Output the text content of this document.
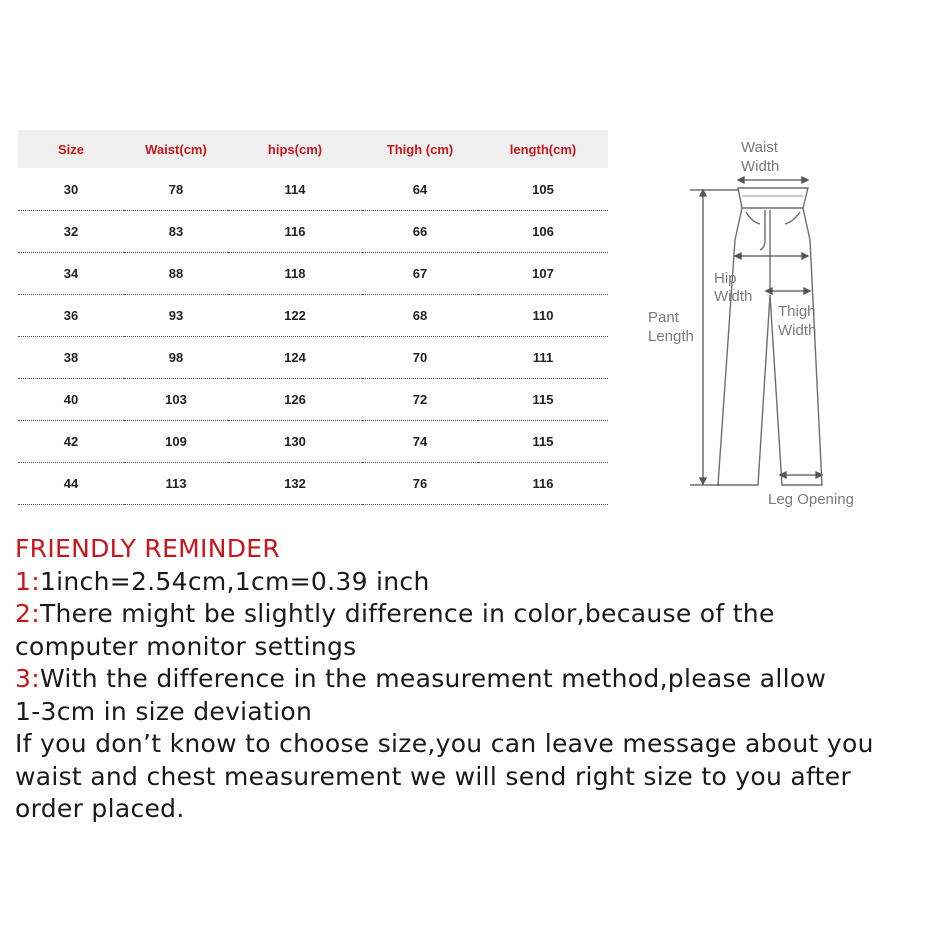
Size	Waist(cm)	hips(cm)	Thigh (cm)	length(cm)
30	78	114	64	105
32	83	116	66	106
34	88	118	67	107
36	93	122	68	110
38	98	124	70	111
40	103	126	72	115
42	109	130	74	115
44	113	132	76	116
Waist
Width
Hip
Width
Pant
Length
Thigh
Width
Leg Opening

FRIENDLY REMINDER

1:1inch=2.54cm,1cm=0.39 inch

2:There might be slightly difference in color,because of the

computer monitor settings

3:With the difference in the measurement method,please allow

1-3cm in size deviation

If you don’t know to choose size,you can leave message about you

waist and chest measurement we will send right size to you after

order placed.
